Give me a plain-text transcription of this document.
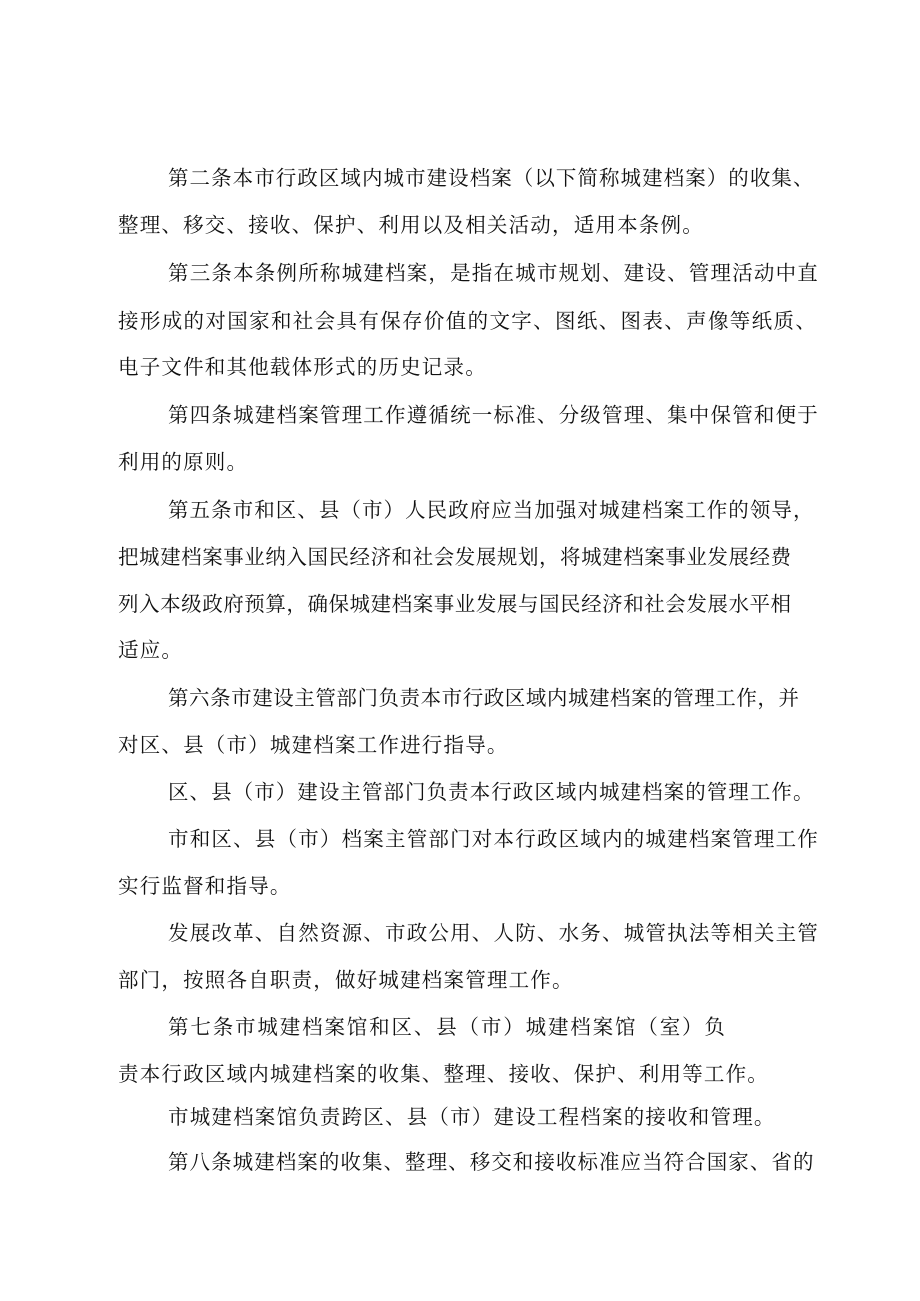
第二条本市行政区域内城市建设档案（以下简称城建档案）的收集、
整理、移交、接收、保护、利用以及相关活动，适用本条例。
第三条本条例所称城建档案，是指在城市规划、建设、管理活动中直
接形成的对国家和社会具有保存价值的文字、图纸、图表、声像等纸质、
电子文件和其他载体形式的历史记录。
第四条城建档案管理工作遵循统一标准、分级管理、集中保管和便于
利用的原则。
第五条市和区、县（市）人民政府应当加强对城建档案工作的领导，
把城建档案事业纳入国民经济和社会发展规划，将城建档案事业发展经费
列入本级政府预算，确保城建档案事业发展与国民经济和社会发展水平相
适应。
第六条市建设主管部门负责本市行政区域内城建档案的管理工作，并
对区、县（市）城建档案工作进行指导。
区、县（市）建设主管部门负责本行政区域内城建档案的管理工作。
市和区、县（市）档案主管部门对本行政区域内的城建档案管理工作
实行监督和指导。
发展改革、自然资源、市政公用、人防、水务、城管执法等相关主管
部门，按照各自职责，做好城建档案管理工作。
第七条市城建档案馆和区、县（市）城建档案馆（室）负
责本行政区域内城建档案的收集、整理、接收、保护、利用等工作。
市城建档案馆负责跨区、县（市）建设工程档案的接收和管理。
第八条城建档案的收集、整理、移交和接收标准应当符合国家、省的
